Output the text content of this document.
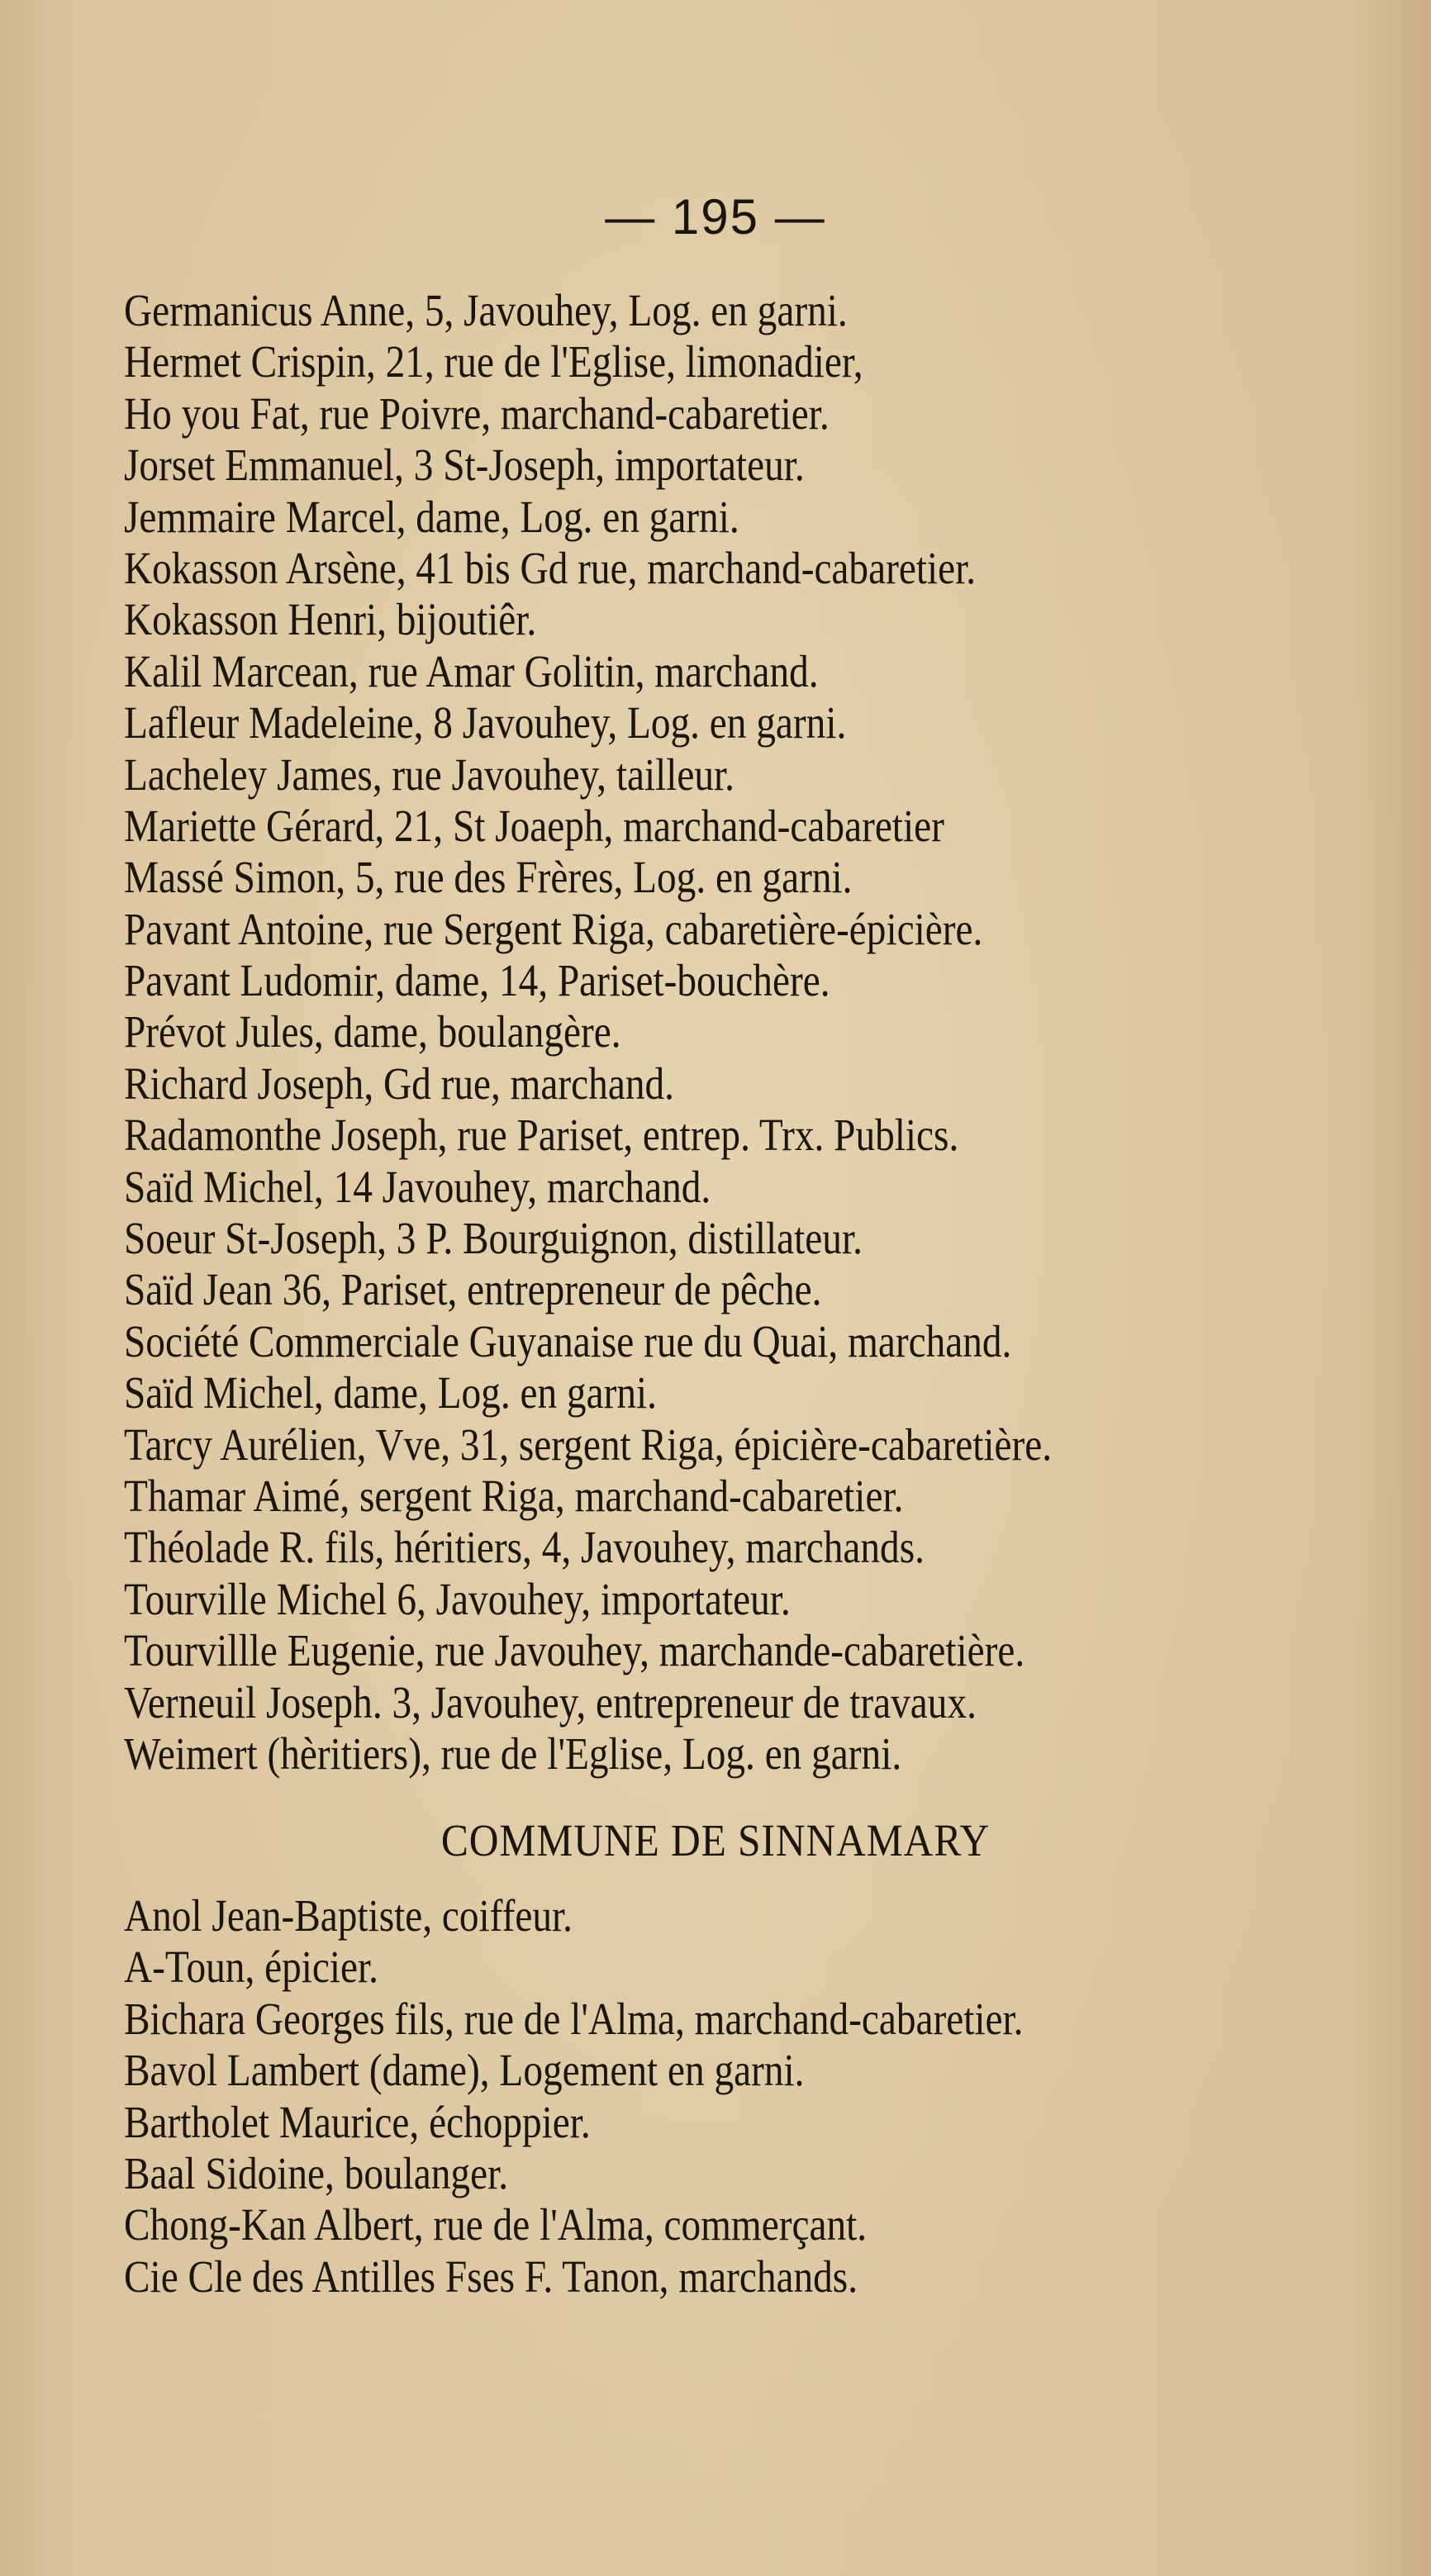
— 195 —
Germanicus Anne, 5, Javouhey, Log. en garni.
Hermet Crispin, 21, rue de l'Eglise, limonadier,
Ho you Fat, rue Poivre, marchand-cabaretier.
Jorset Emmanuel, 3 St-Joseph, importateur.
Jemmaire Marcel, dame, Log. en garni.
Kokasson Arsène, 41 bis Gd rue, marchand-cabaretier.
Kokasson Henri, bijoutiêr.
Kalil Marcean, rue Amar Golitin, marchand.
Lafleur Madeleine, 8 Javouhey, Log. en garni.
Lacheley James, rue Javouhey, tailleur.
Mariette Gérard, 21, St Joaeph, marchand-cabaretier
Massé Simon, 5, rue des Frères, Log. en garni.
Pavant Antoine, rue Sergent Riga, cabaretière-épicière.
Pavant Ludomir, dame, 14, Pariset-bouchère.
Prévot Jules, dame, boulangère.
Richard Joseph, Gd rue, marchand.
Radamonthe Joseph, rue Pariset, entrep. Trx. Publics.
Saïd Michel, 14 Javouhey, marchand.
Soeur St-Joseph, 3 P. Bourguignon, distillateur.
Saïd Jean 36, Pariset, entrepreneur de pêche.
Société Commerciale Guyanaise rue du Quai, marchand.
Saïd Michel, dame, Log. en garni.
Tarcy Aurélien, Vve, 31, sergent Riga, épicière-cabaretière.
Thamar Aimé, sergent Riga, marchand-cabaretier.
Théolade R. fils, héritiers, 4, Javouhey, marchands.
Tourville Michel 6, Javouhey, importateur.
Tourvillle Eugenie, rue Javouhey, marchande-cabaretière.
Verneuil Joseph. 3, Javouhey, entrepreneur de travaux.
Weimert (hèritiers), rue de l'Eglise, Log. en garni.
COMMUNE DE SINNAMARY
Anol Jean-Baptiste, coiffeur.
A-Toun, épicier.
Bichara Georges fils, rue de l'Alma, marchand-cabaretier.
Bavol Lambert (dame), Logement en garni.
Bartholet Maurice, échoppier.
Baal Sidoine, boulanger.
Chong-Kan Albert, rue de l'Alma, commerçant.
Cie Cle des Antilles Fses F. Tanon, marchands.
